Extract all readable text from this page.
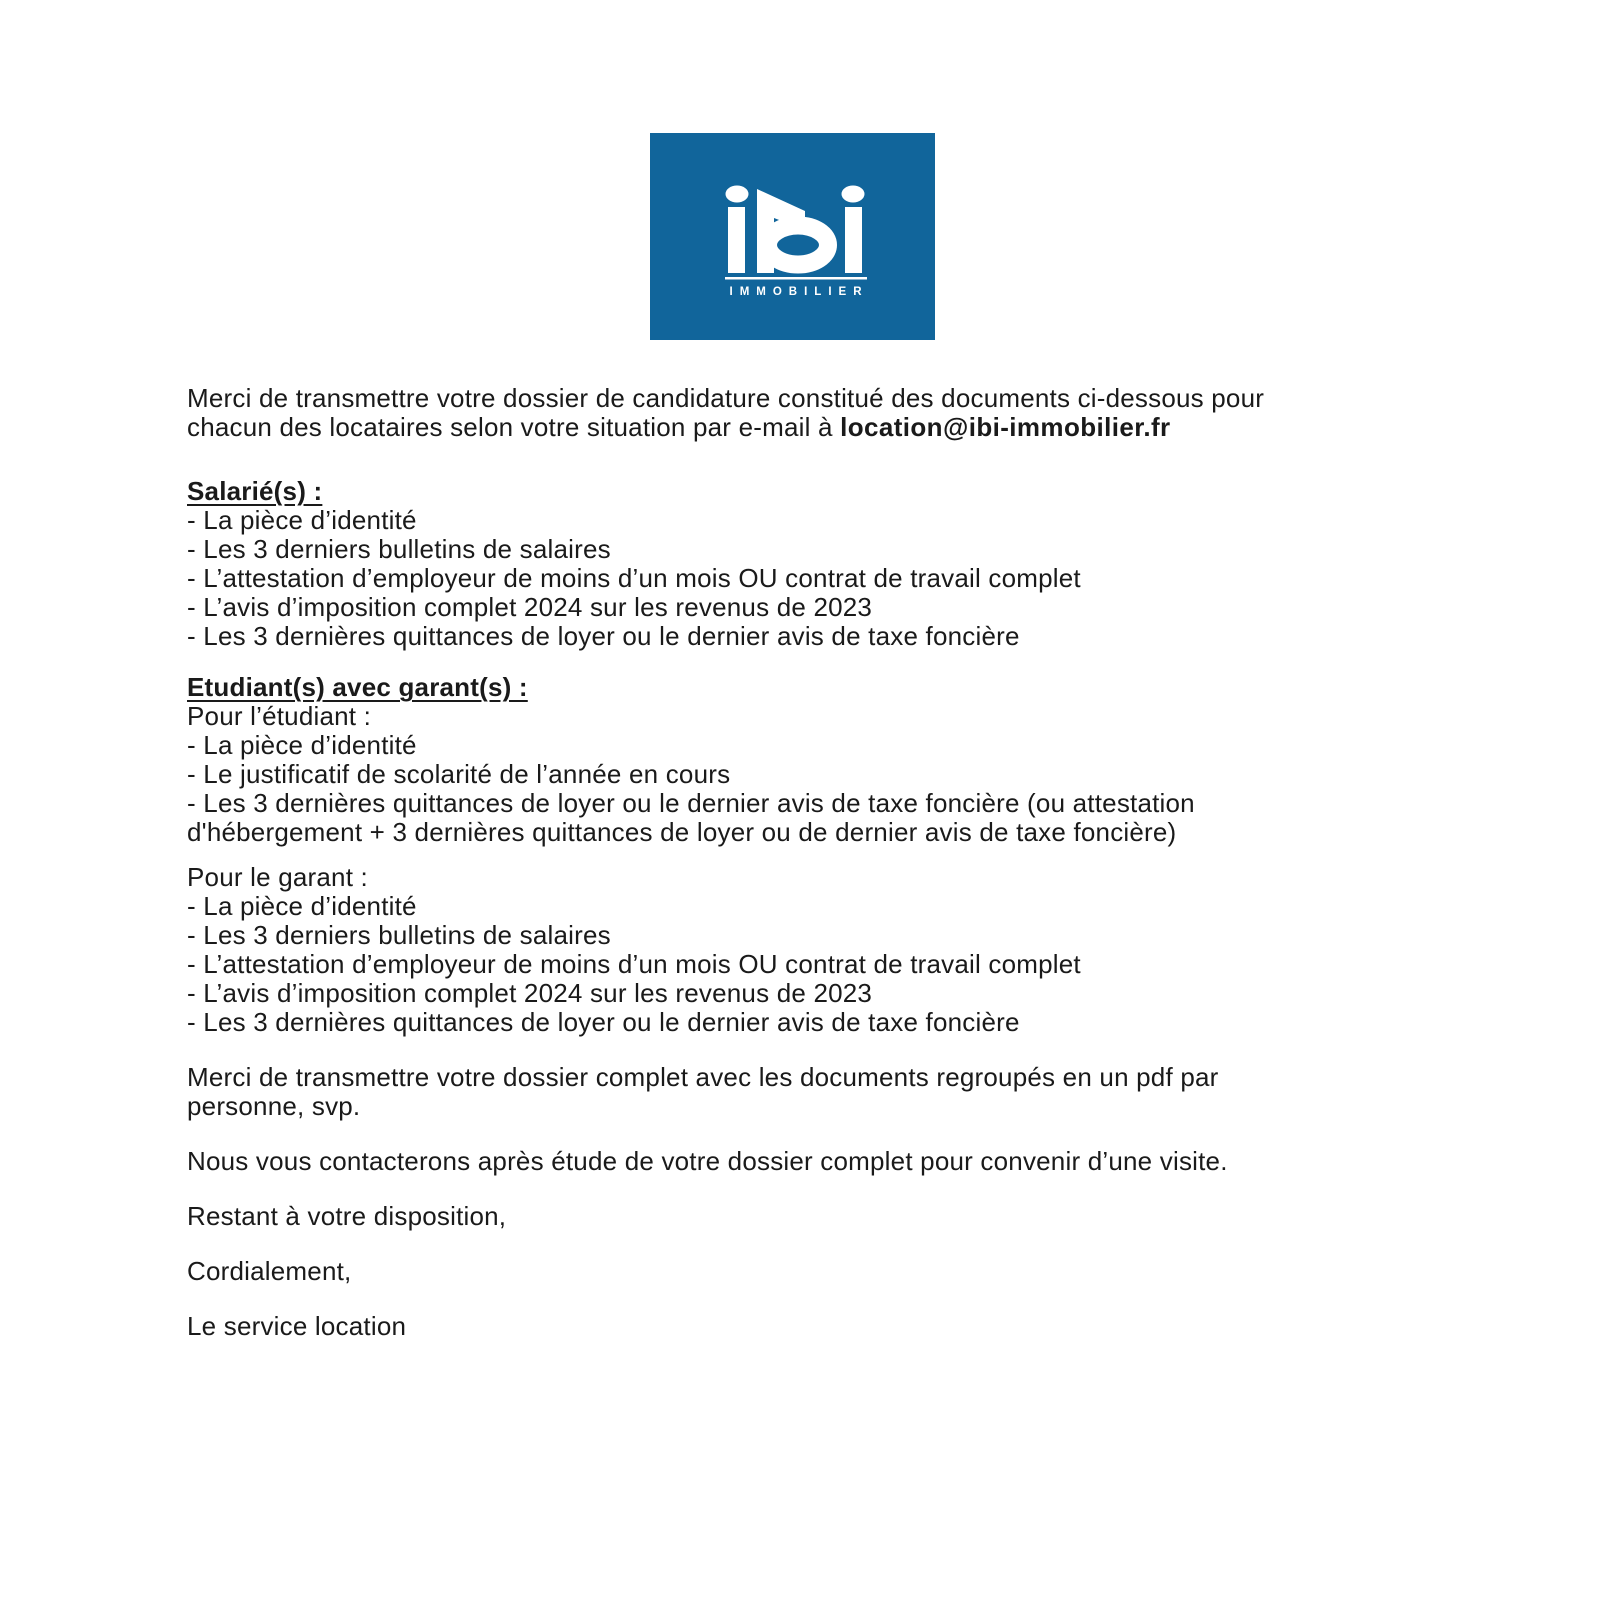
IMMOBILIER

Merci de transmettre votre dossier de candidature constitué des documents ci-dessous pour
chacun des locataires selon votre situation par e-mail à location@ibi-immobilier.fr

Salarié(s) :
- La pièce d’identité
- Les 3 derniers bulletins de salaires
- L’attestation d’employeur de moins d’un mois OU contrat de travail complet
- L’avis d’imposition complet 2024 sur les revenus de 2023
- Les 3 dernières quittances de loyer ou le dernier avis de taxe foncière
Etudiant(s) avec garant(s) :
Pour l’étudiant :
- La pièce d’identité
- Le justificatif de scolarité de l’année en cours
- Les 3 dernières quittances de loyer ou le dernier avis de taxe foncière (ou attestation
d'hébergement + 3 dernières quittances de loyer ou de dernier avis de taxe foncière)
Pour le garant :
- La pièce d’identité
- Les 3 derniers bulletins de salaires
- L’attestation d’employeur de moins d’un mois OU contrat de travail complet
- L’avis d’imposition complet 2024 sur les revenus de 2023
- Les 3 dernières quittances de loyer ou le dernier avis de taxe foncière

Merci de transmettre votre dossier complet avec les documents regroupés en un pdf par
personne, svp.

Nous vous contacterons après étude de votre dossier complet pour convenir d’une visite.

Restant à votre disposition,

Cordialement,

Le service location
